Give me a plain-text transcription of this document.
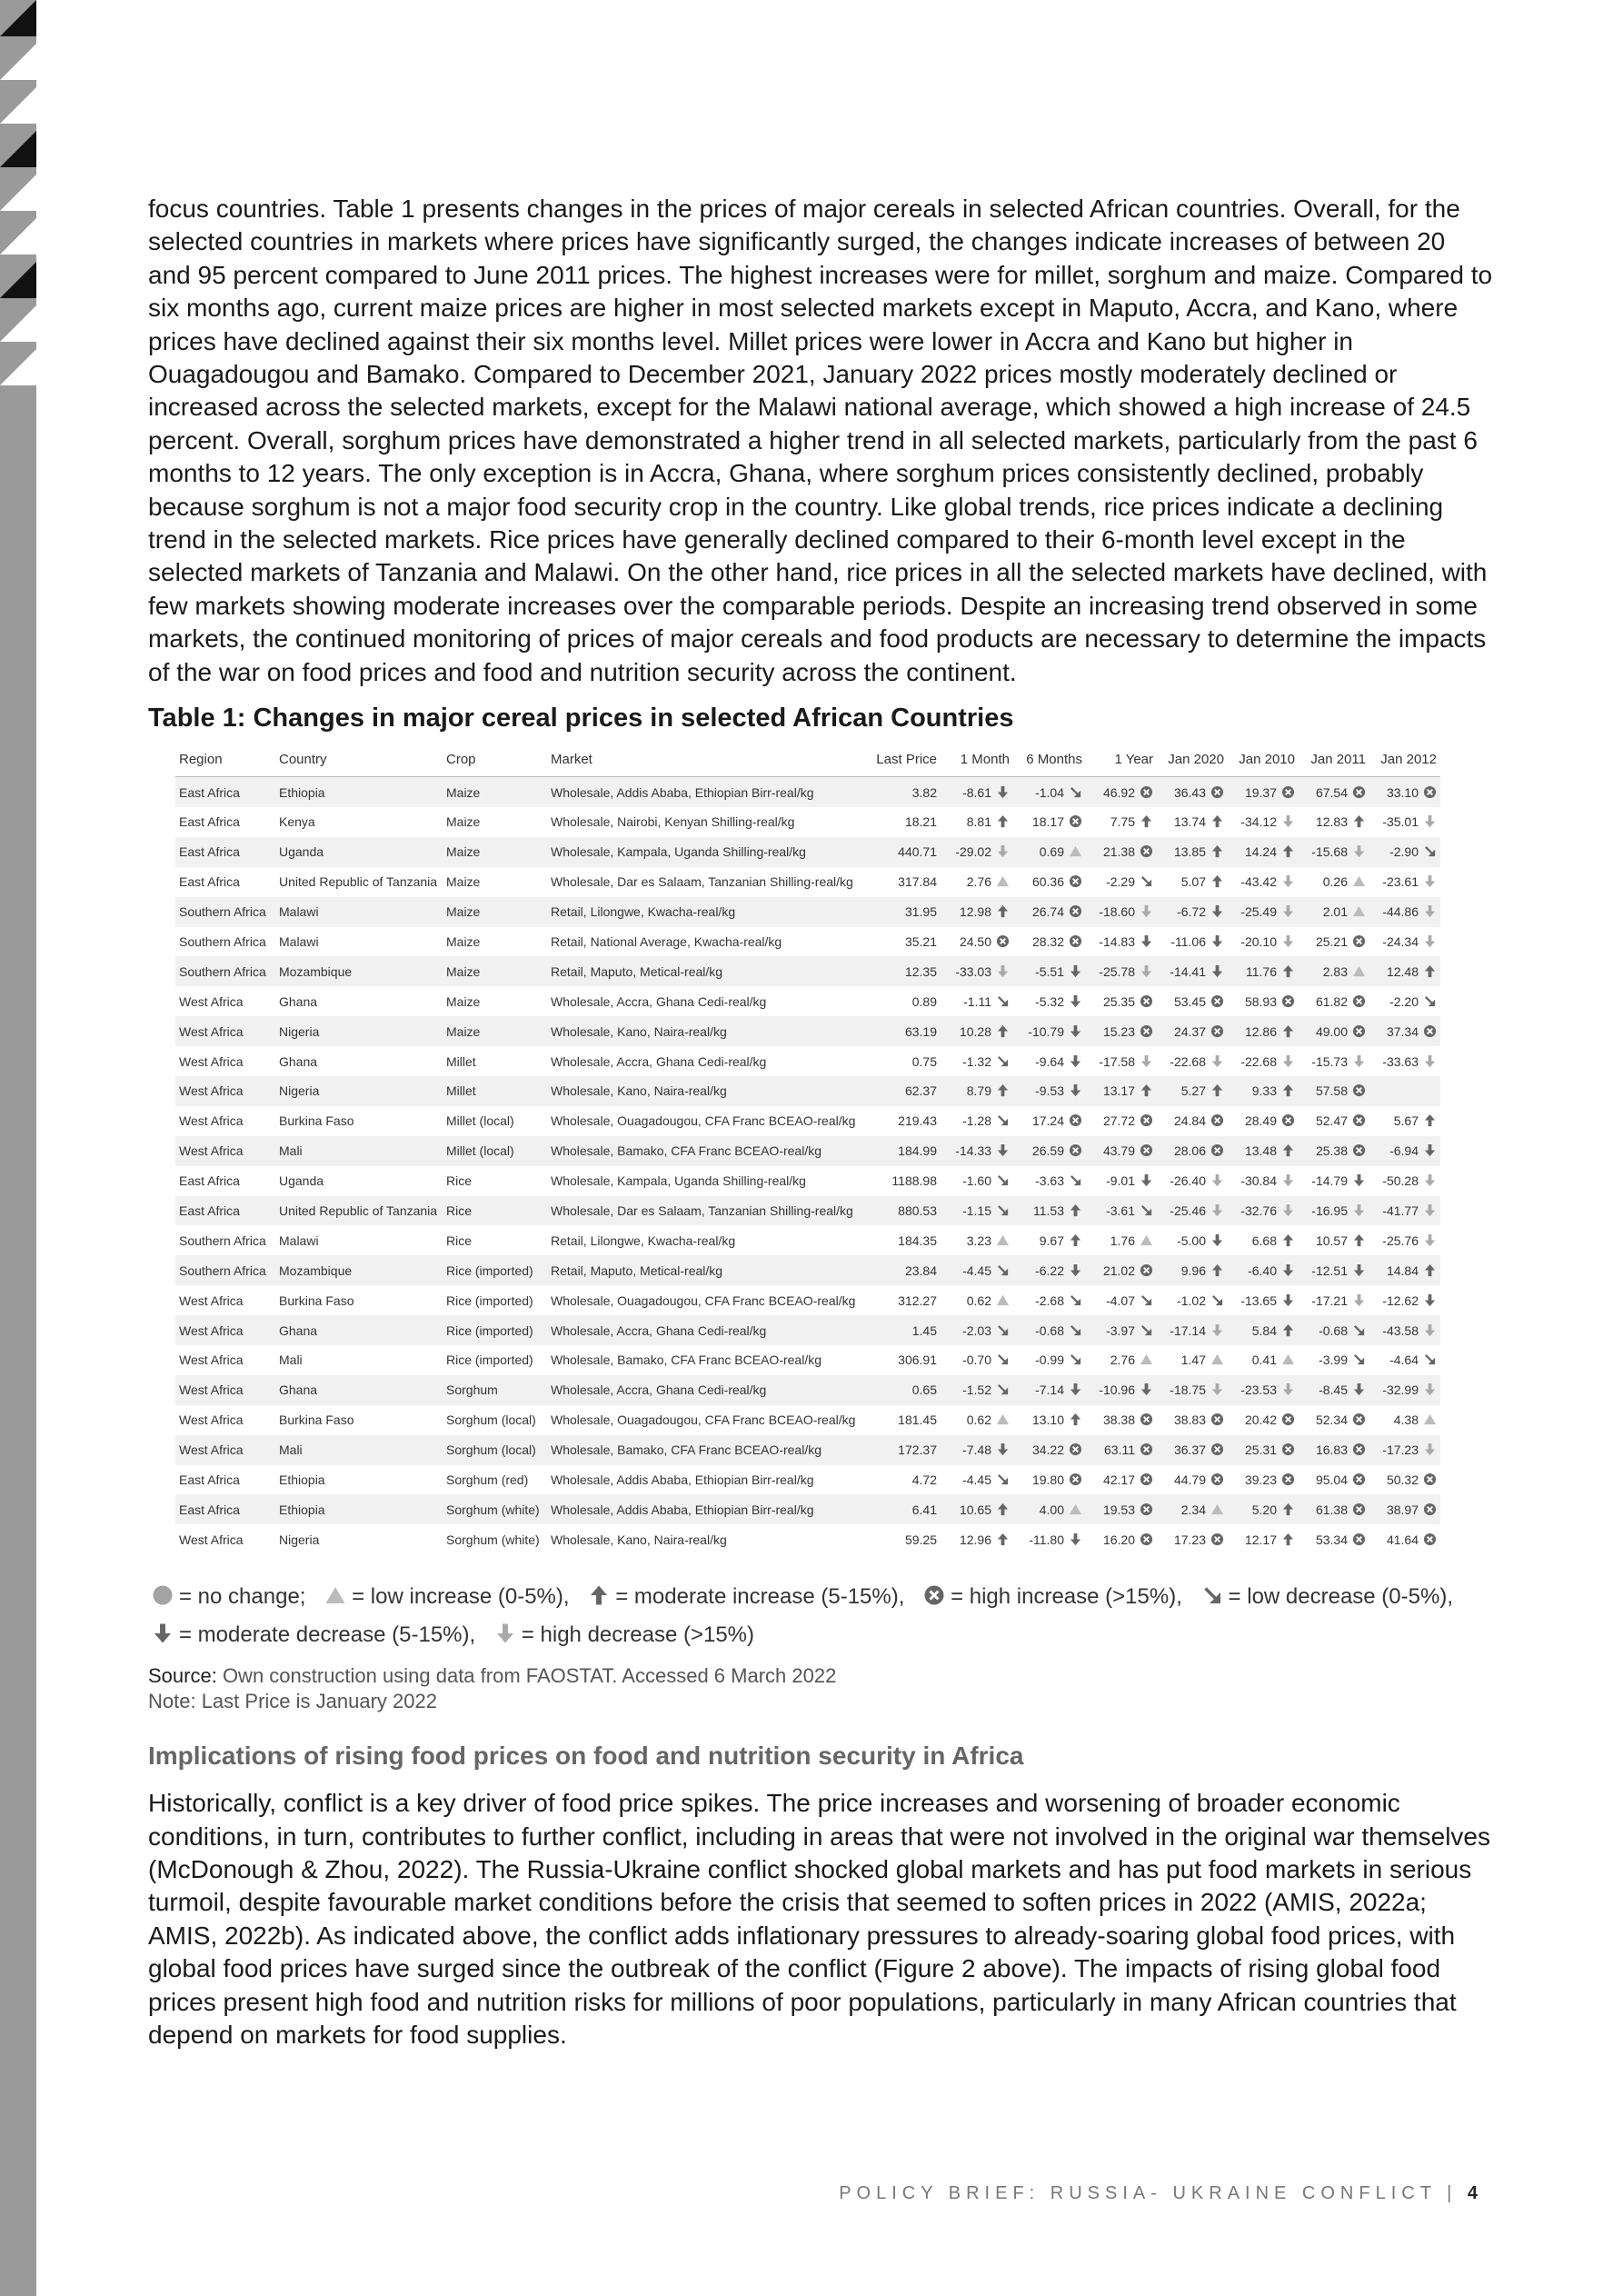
focus countries. Table 1 presents changes in the prices of major cereals in selected African countries. Overall, for the selected countries in markets where prices have significantly surged, the changes indicate increases of between 20 and 95 percent compared to June 2011 prices. The highest increases were for millet, sorghum and maize. Compared to six months ago, current maize prices are higher in most selected markets except in Maputo, Accra, and Kano, where prices have declined against their six months level. Millet prices were lower in Accra and Kano but higher in Ouagadougou and Bamako. Compared to December 2021, January 2022 prices mostly moderately declined or increased across the selected markets, except for the Malawi national average, which showed a high increase of 24.5 percent. Overall, sorghum prices have demonstrated a higher trend in all selected markets, particularly from the past 6 months to 12 years. The only exception is in Accra, Ghana, where sorghum prices consistently declined, probably because sorghum is not a major food security crop in the country. Like global trends, rice prices indicate a declining trend in the selected markets. Rice prices have generally declined compared to their 6-month level except in the selected markets of Tanzania and Malawi. On the other hand, rice prices in all the selected markets have declined, with few markets showing moderate increases over the comparable periods. Despite an increasing trend observed in some markets, the continued monitoring of prices of major cereals and food products are necessary to determine the impacts of the war on food prices and food and nutrition security across the continent.

Table 1: Changes in major cereal prices in selected African Countries
Region	Country	Crop	Market	Last Price	1 Month	6 Months	1 Year	Jan 2020	Jan 2010	Jan 2011	Jan 2012
East Africa	Ethiopia	Maize	Wholesale, Addis Ababa, Ethiopian Birr-real/kg	3.82	-8.61	-1.04	46.92	36.43	19.37	67.54	33.10
East Africa	Kenya	Maize	Wholesale, Nairobi, Kenyan Shilling-real/kg	18.21	8.81	18.17	7.75	13.74	-34.12	12.83	-35.01
East Africa	Uganda	Maize	Wholesale, Kampala, Uganda Shilling-real/kg	440.71	-29.02	0.69	21.38	13.85	14.24	-15.68	-2.90
East Africa	United Republic of Tanzania	Maize	Wholesale, Dar es Salaam, Tanzanian Shilling-real/kg	317.84	2.76	60.36	-2.29	5.07	-43.42	0.26	-23.61
Southern Africa	Malawi	Maize	Retail, Lilongwe, Kwacha-real/kg	31.95	12.98	26.74	-18.60	-6.72	-25.49	2.01	-44.86
Southern Africa	Malawi	Maize	Retail, National Average, Kwacha-real/kg	35.21	24.50	28.32	-14.83	-11.06	-20.10	25.21	-24.34
Southern Africa	Mozambique	Maize	Retail, Maputo, Metical-real/kg	12.35	-33.03	-5.51	-25.78	-14.41	11.76	2.83	12.48
West Africa	Ghana	Maize	Wholesale, Accra, Ghana Cedi-real/kg	0.89	-1.11	-5.32	25.35	53.45	58.93	61.82	-2.20
West Africa	Nigeria	Maize	Wholesale, Kano, Naira-real/kg	63.19	10.28	-10.79	15.23	24.37	12.86	49.00	37.34
West Africa	Ghana	Millet	Wholesale, Accra, Ghana Cedi-real/kg	0.75	-1.32	-9.64	-17.58	-22.68	-22.68	-15.73	-33.63
West Africa	Nigeria	Millet	Wholesale, Kano, Naira-real/kg	62.37	8.79	-9.53	13.17	5.27	9.33	57.58	
West Africa	Burkina Faso	Millet (local)	Wholesale, Ouagadougou, CFA Franc BCEAO-real/kg	219.43	-1.28	17.24	27.72	24.84	28.49	52.47	5.67
West Africa	Mali	Millet (local)	Wholesale, Bamako, CFA Franc BCEAO-real/kg	184.99	-14.33	26.59	43.79	28.06	13.48	25.38	-6.94
East Africa	Uganda	Rice	Wholesale, Kampala, Uganda Shilling-real/kg	1188.98	-1.60	-3.63	-9.01	-26.40	-30.84	-14.79	-50.28
East Africa	United Republic of Tanzania	Rice	Wholesale, Dar es Salaam, Tanzanian Shilling-real/kg	880.53	-1.15	11.53	-3.61	-25.46	-32.76	-16.95	-41.77
Southern Africa	Malawi	Rice	Retail, Lilongwe, Kwacha-real/kg	184.35	3.23	9.67	1.76	-5.00	6.68	10.57	-25.76
Southern Africa	Mozambique	Rice (imported)	Retail, Maputo, Metical-real/kg	23.84	-4.45	-6.22	21.02	9.96	-6.40	-12.51	14.84
West Africa	Burkina Faso	Rice (imported)	Wholesale, Ouagadougou, CFA Franc BCEAO-real/kg	312.27	0.62	-2.68	-4.07	-1.02	-13.65	-17.21	-12.62
West Africa	Ghana	Rice (imported)	Wholesale, Accra, Ghana Cedi-real/kg	1.45	-2.03	-0.68	-3.97	-17.14	5.84	-0.68	-43.58
West Africa	Mali	Rice (imported)	Wholesale, Bamako, CFA Franc BCEAO-real/kg	306.91	-0.70	-0.99	2.76	1.47	0.41	-3.99	-4.64
West Africa	Ghana	Sorghum	Wholesale, Accra, Ghana Cedi-real/kg	0.65	-1.52	-7.14	-10.96	-18.75	-23.53	-8.45	-32.99
West Africa	Burkina Faso	Sorghum (local)	Wholesale, Ouagadougou, CFA Franc BCEAO-real/kg	181.45	0.62	13.10	38.38	38.83	20.42	52.34	4.38
West Africa	Mali	Sorghum (local)	Wholesale, Bamako, CFA Franc BCEAO-real/kg	172.37	-7.48	34.22	63.11	36.37	25.31	16.83	-17.23
East Africa	Ethiopia	Sorghum (red)	Wholesale, Addis Ababa, Ethiopian Birr-real/kg	4.72	-4.45	19.80	42.17	44.79	39.23	95.04	50.32
East Africa	Ethiopia	Sorghum (white)	Wholesale, Addis Ababa, Ethiopian Birr-real/kg	6.41	10.65	4.00	19.53	2.34	5.20	61.38	38.97
West Africa	Nigeria	Sorghum (white)	Wholesale, Kano, Naira-real/kg	59.25	12.96	-11.80	16.20	17.23	12.17	53.34	41.64
= no change; = low increase (0-5%), = moderate increase (5-15%), = high increase (>15%), = low decrease (0-5%),
= moderate decrease (5-15%), = high decrease (>15%)
Source: Own construction using data from FAOSTAT. Accessed 6 March 2022
Note: Last Price is January 2022
Implications of rising food prices on food and nutrition security in Africa

Historically, conflict is a key driver of food price spikes. The price increases and worsening of broader economic conditions, in turn, contributes to further conflict, including in areas that were not involved in the original war themselves (McDonough & Zhou, 2022). The Russia-Ukraine conflict shocked global markets and has put food markets in serious turmoil, despite favourable market conditions before the crisis that seemed to soften prices in 2022 (AMIS, 2022a; AMIS, 2022b). As indicated above, the conflict adds inflationary pressures to already-soaring global food prices, with global food prices have surged since the outbreak of the conflict (Figure 2 above). The impacts of rising global food prices present high food and nutrition risks for millions of poor populations, particularly in many African countries that depend on markets for food supplies.

POLICY BRIEF: RUSSIA- UKRAINE CONFLICT | 4
